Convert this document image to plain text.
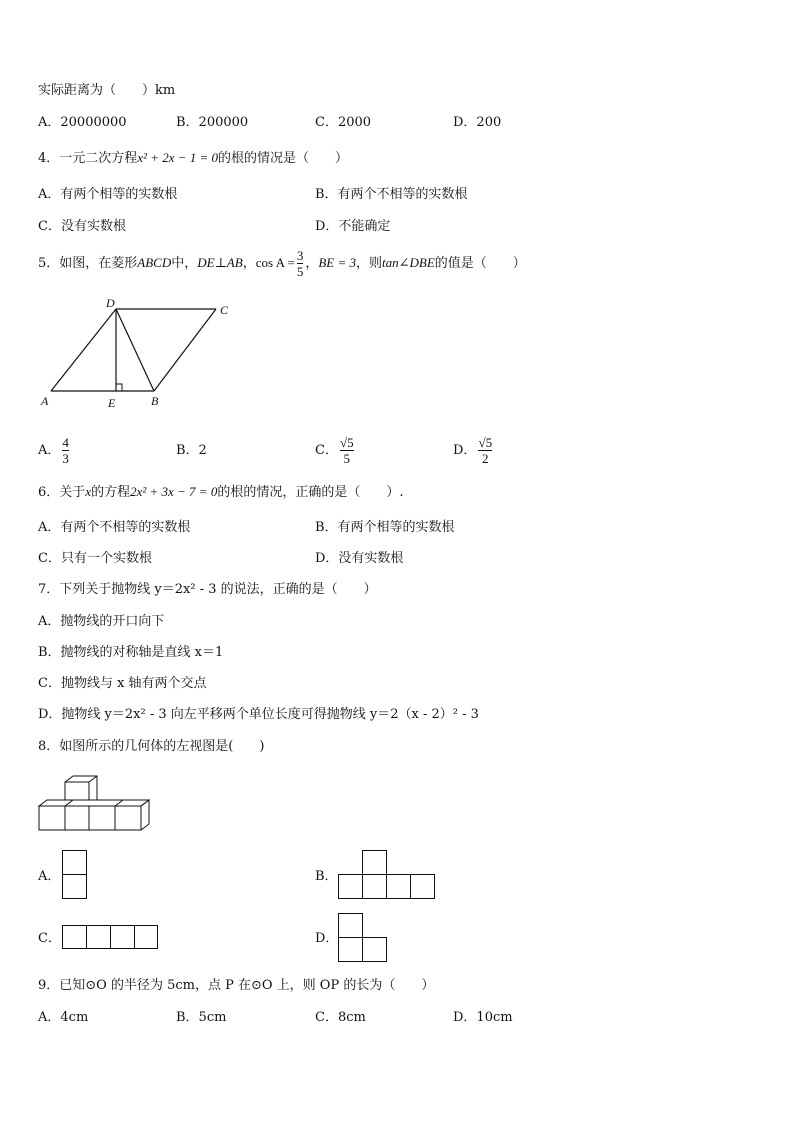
实际距离为（　　）km
A．20000000	B．200000	C．2000	D．200
4．一元二次方程x² + 2x − 1 = 0的根的情况是（　　）
A．有两个相等的实数根	B．有两个不相等的实数根
C．没有实数根	D．不能确定
5．如图，在菱形ABCD中，DE⊥AB，$\cos A = \frac{3}{5}$ ，BE = 3，则tan∠DBE的值是（　　）
A
D	C
E	B
A． $\frac{4}{3}$	B．2	C． $\frac{√5}{5}$	D． $\frac{√5}{2}$
6．关于x的方程2x² + 3x − 7 = 0的根的情况，正确的是（　　）.
A．有两个不相等的实数根	B．有两个相等的实数根
C．只有一个实数根	D．没有实数根
7．下列关于抛物线 y＝2x² - 3 的说法，正确的是（　　）
A．抛物线的开口向下
B．抛物线的对称轴是直线 x＝1
C．抛物线与 x 轴有两个交点
D．抛物线 y＝2x² - 3 向左平移两个单位长度可得抛物线 y＝2（x - 2）² - 3
8．如图所示的几何体的左视图是(　　)
A．	B．
C．	D．
9．已知⊙O 的半径为 5cm，点 P 在⊙O 上，则 OP 的长为（　　）
A．4cm	B．5cm	C．8cm	D．10cm
